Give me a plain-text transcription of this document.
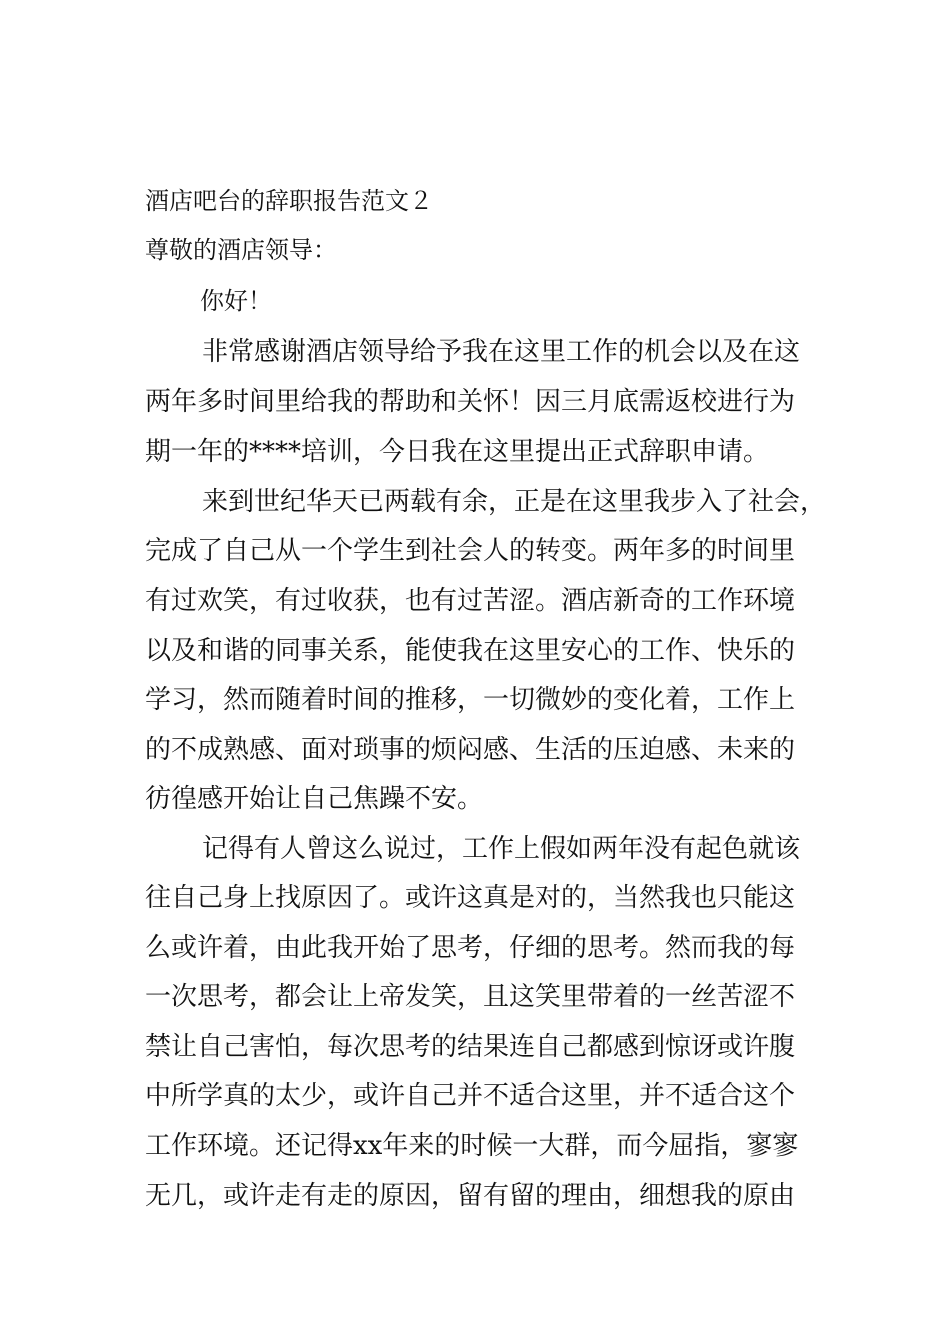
酒店吧台的辞职报告范文２
尊敬的酒店领导：
你好！
非常感谢酒店领导给予我在这里工作的机会以及在这
两年多时间里给我的帮助和关怀！因三月底需返校进行为
期一年的****培训，今日我在这里提出正式辞职申请。
来到世纪华天已两载有余，正是在这里我步入了社会，
完成了自己从一个学生到社会人的转变。两年多的时间里
有过欢笑，有过收获，也有过苦涩。酒店新奇的工作环境
以及和谐的同事关系，能使我在这里安心的工作、快乐的
学习，然而随着时间的推移，一切微妙的变化着，工作上
的不成熟感、面对琐事的烦闷感、生活的压迫感、未来的
彷徨感开始让自己焦躁不安。
记得有人曾这么说过，工作上假如两年没有起色就该
往自己身上找原因了。或许这真是对的，当然我也只能这
么或许着，由此我开始了思考，仔细的思考。然而我的每
一次思考，都会让上帝发笑，且这笑里带着的一丝苦涩不
禁让自己害怕，每次思考的结果连自己都感到惊讶或许腹
中所学真的太少，或许自己并不适合这里，并不适合这个
工作环境。还记得xx年来的时候一大群，而今屈指，寥寥
无几，或许走有走的原因，留有留的理由，细想我的原由
